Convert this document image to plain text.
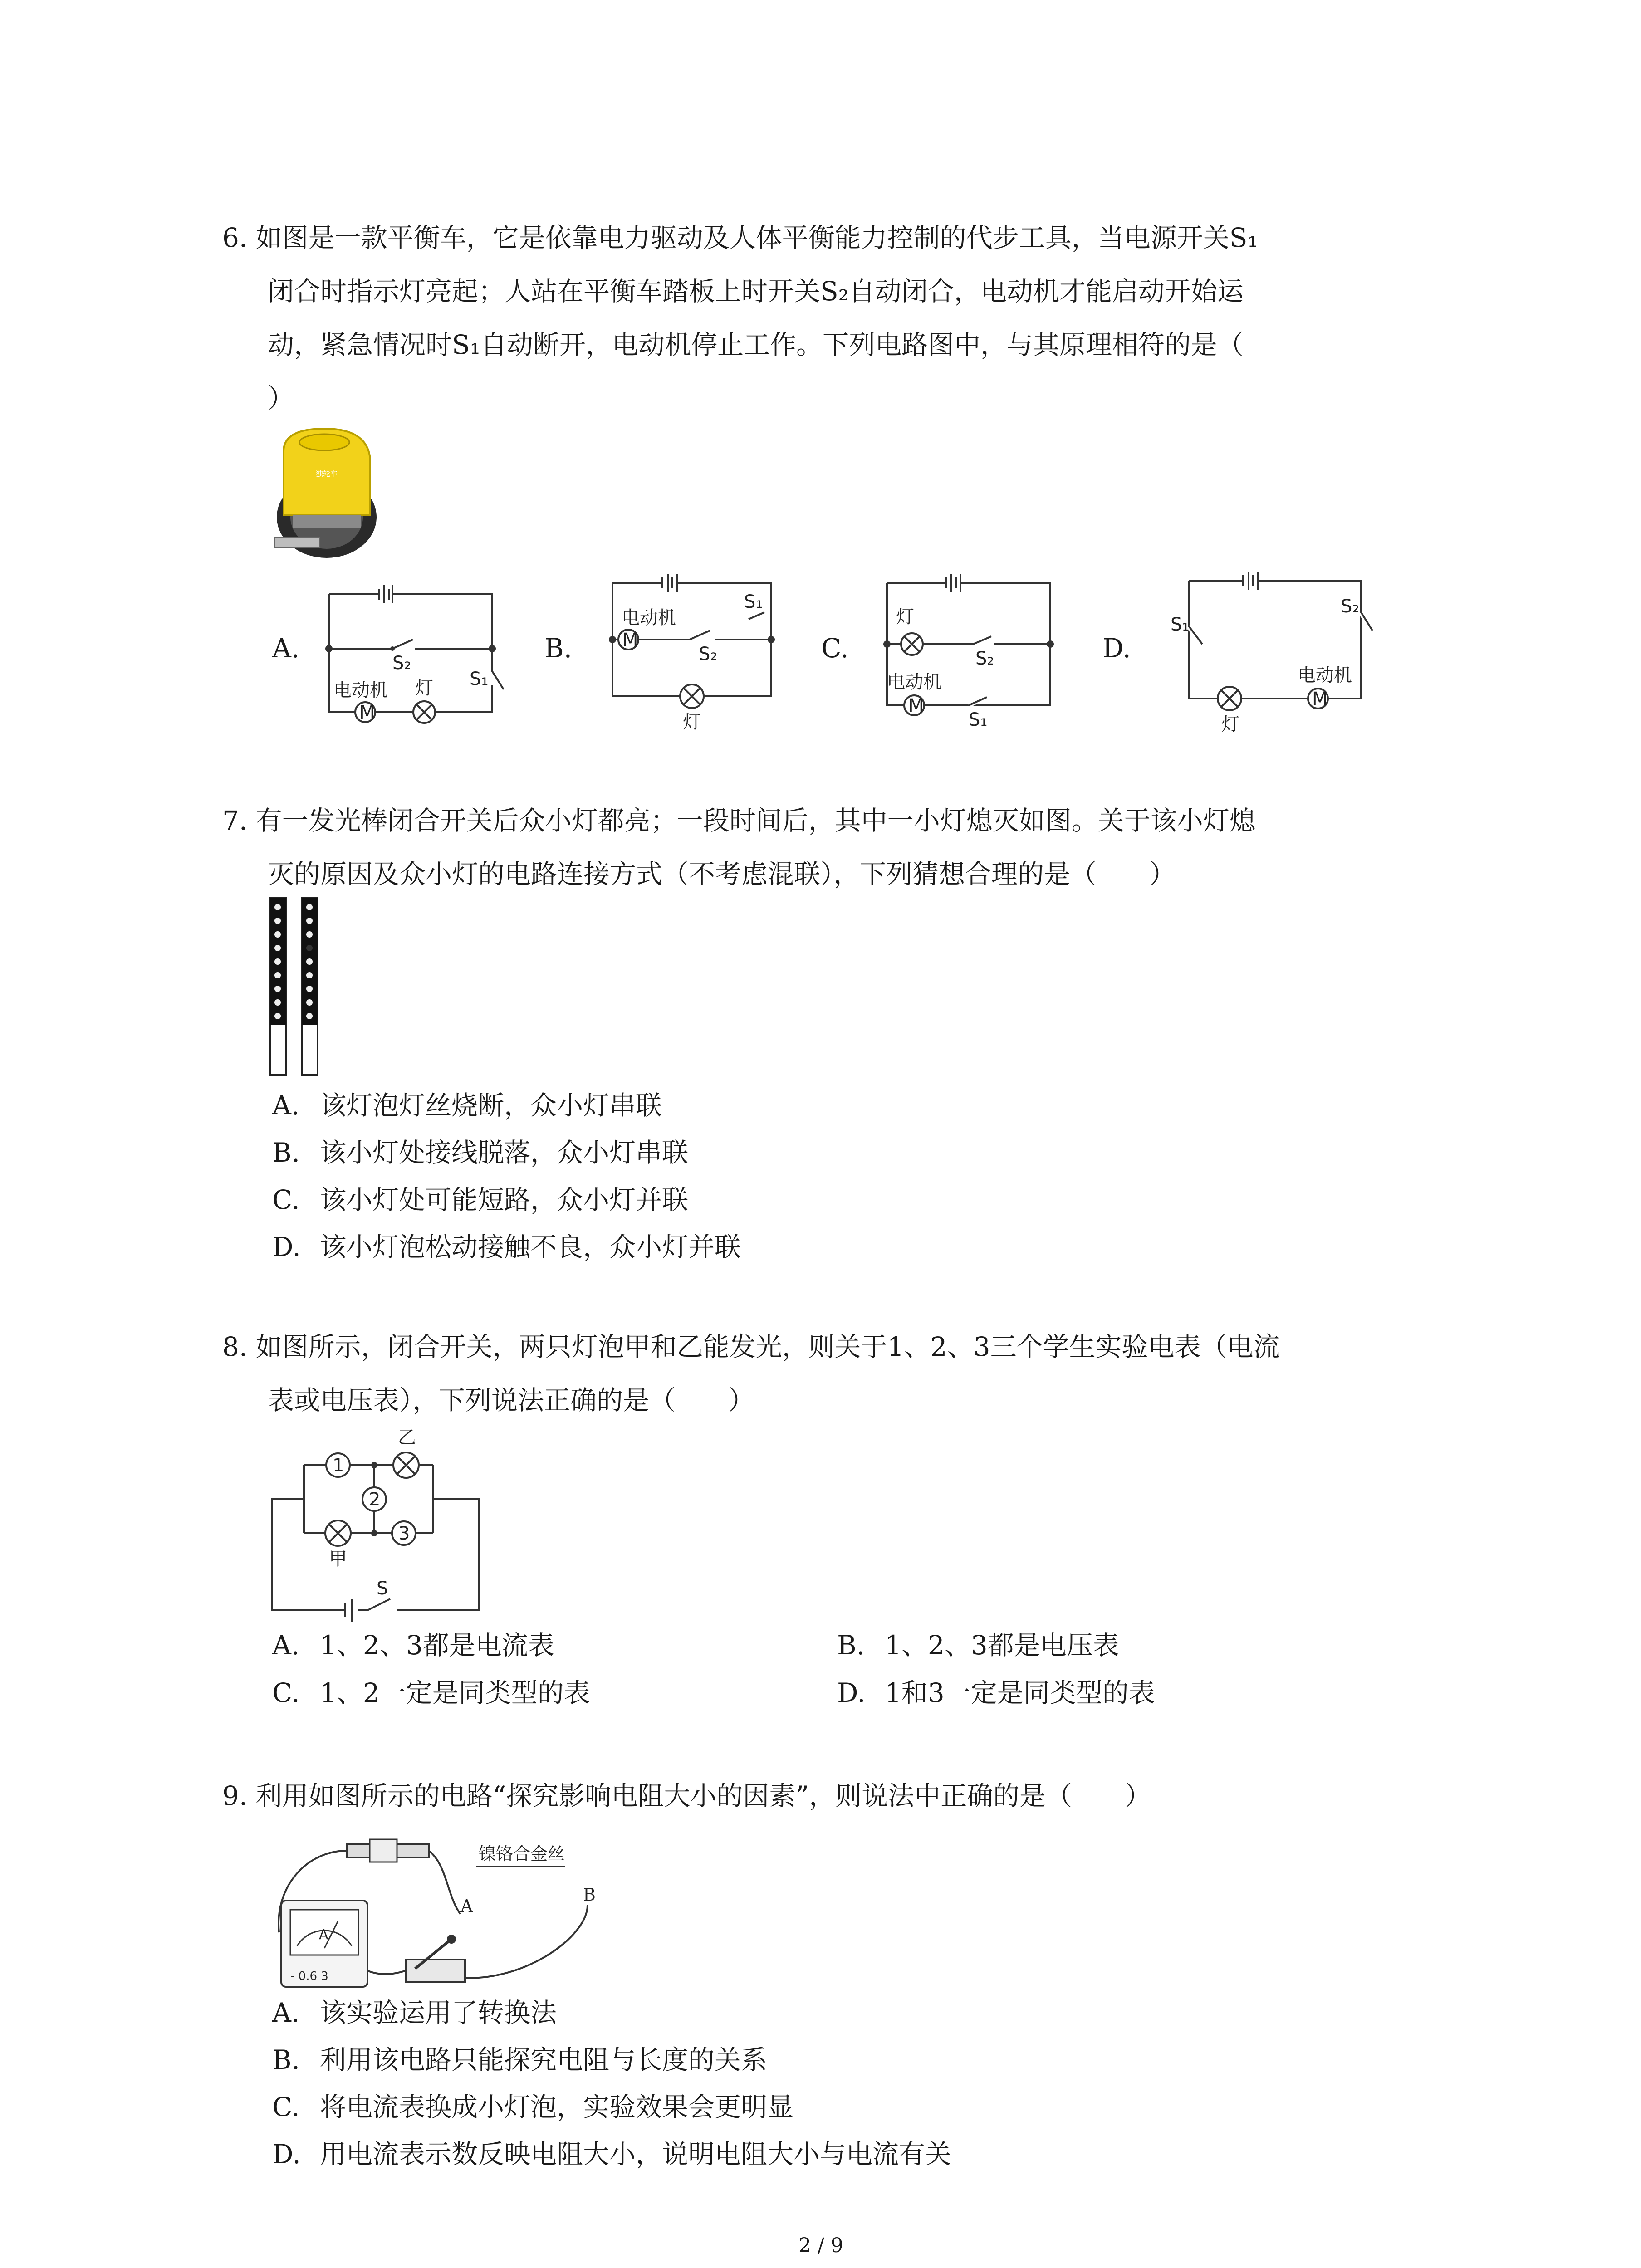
6. 如图是一款平衡车，它是依靠电力驱动及人体平衡能力控制的代步工具，当电源开关S₁
闭合时指示灯亮起；人站在平衡车踏板上时开关S₂自动闭合，电动机才能启动开始运
动，紧急情况时S₁自动断开，电动机停止工作。下列电路图中，与其原理相符的是（
）
独轮车
A.	S₂
S₁
M
电动机 灯
B.	M
电动机
S₂
S₁
灯
C.
灯
S₂
M
电动机
S₁
D.
S₁
S₂
灯
M
电动机
7. 有一发光棒闭合开关后众小灯都亮；一段时间后，其中一小灯熄灭如图。关于该小灯熄
灭的原因及众小灯的电路连接方式（不考虑混联），下列猜想合理的是（　　）
A. 该灯泡灯丝烧断，众小灯串联
B. 该小灯处接线脱落，众小灯串联
C. 该小灯处可能短路，众小灯并联
D. 该小灯泡松动接触不良，众小灯并联
8. 如图所示，闭合开关，两只灯泡甲和乙能发光，则关于1、2、3三个学生实验电表（电流
表或电压表），下列说法正确的是（　　）
S
1
2
3
乙
甲
A. 1、2、3都是电流表	B. 1、2、3都是电压表
C. 1、2一定是同类型的表	D. 1和3一定是同类型的表
9. 利用如图所示的电路“探究影响电阻大小的因素”，则说法中正确的是（　　）
镍铬合金丝
A
B
A
- 0.6 3
A. 该实验运用了转换法
B. 利用该电路只能探究电阻与长度的关系
C. 将电流表换成小灯泡，实验效果会更明显
D. 用电流表示数反映电阻大小，说明电阻大小与电流有关
2 / 9
